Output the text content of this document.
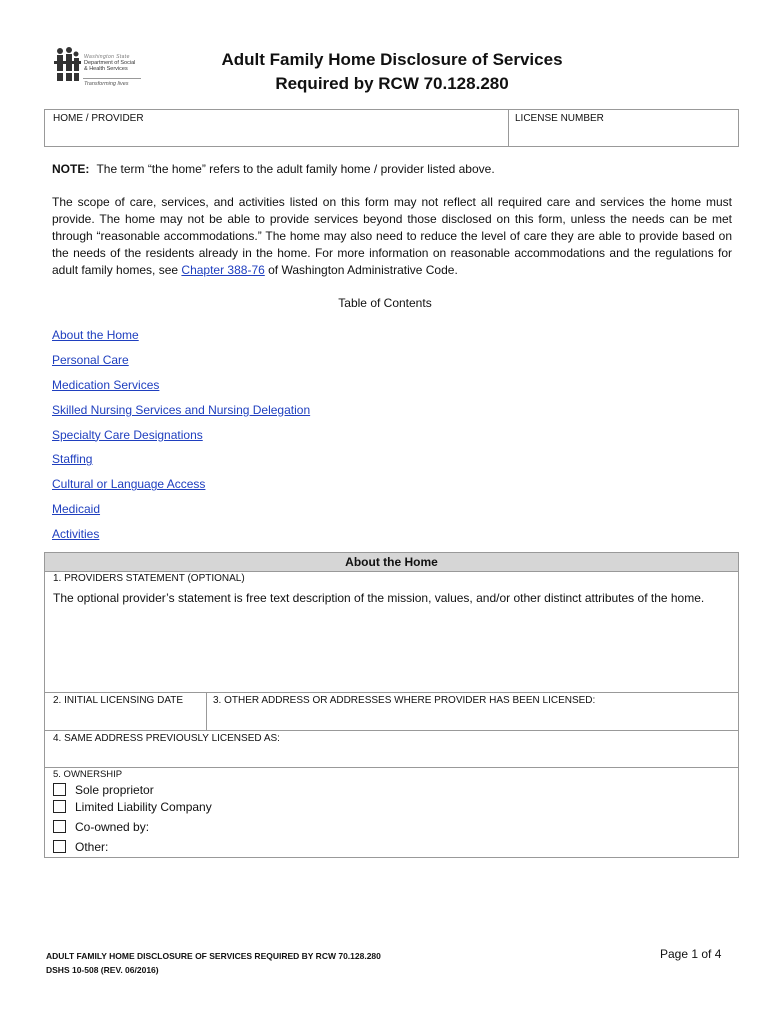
Washington State
Department of Social
& Health Services
Transforming lives
Adult Family Home Disclosure of Services
Required by RCW 70.128.280
HOME / PROVIDER	LICENSE NUMBER
NOTE: The term “the home” refers to the adult family home / provider listed above.
The scope of care, services, and activities listed on this form may not reflect all required care and services the home must provide. The home may not be able to provide services beyond those disclosed on this form, unless the needs can be met through “reasonable accommodations.” The home may also need to reduce the level of care they are able to provide based on the needs of the residents already in the home. For more information on reasonable accommodations and the regulations for adult family homes, see Chapter 388-76 of Washington Administrative Code.
Table of Contents
About the Home
Personal Care
Medication Services
Skilled Nursing Services and Nursing Delegation
Specialty Care Designations
Staffing
Cultural or Language Access
Medicaid
Activities
About the Home
1. PROVIDERS STATEMENT (OPTIONAL)
The optional provider’s statement is free text description of the mission, values, and/or other distinct attributes of the home.
2. INITIAL LICENSING DATE	3. OTHER ADDRESS OR ADDRESSES WHERE PROVIDER HAS BEEN LICENSED:
4. SAME ADDRESS PREVIOUSLY LICENSED AS:
5. OWNERSHIP
Sole proprietor
Limited Liability Company
Co-owned by:
Other:
ADULT FAMILY HOME DISCLOSURE OF SERVICES REQUIRED BY RCW 70.128.280
DSHS 10-508 (REV. 06/2016)
Page 1 of 4
